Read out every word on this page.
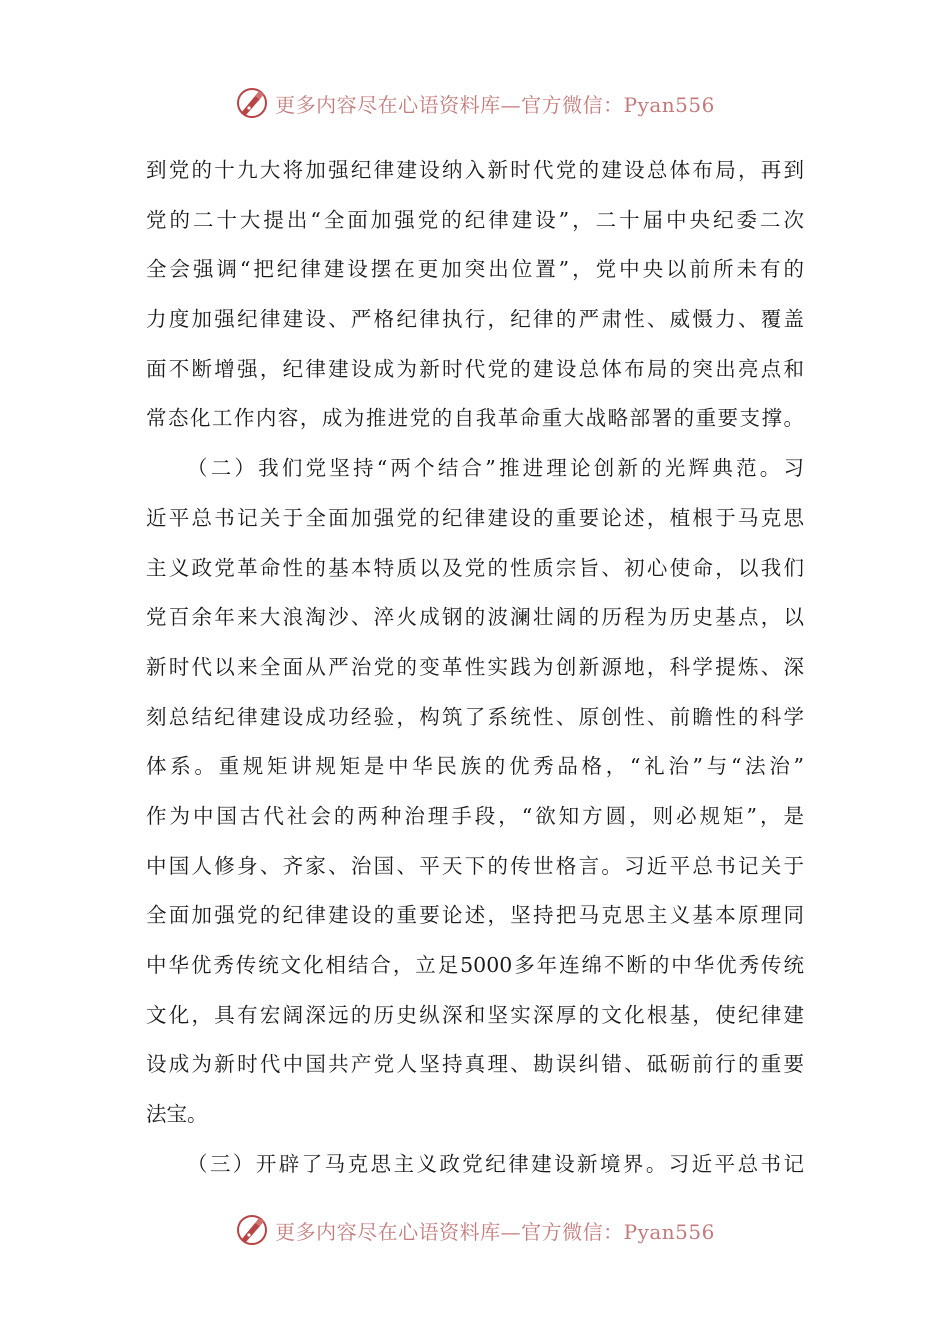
更多内容尽在心语资料库—官方微信：Pyan556
到党的十九大将加强纪律建设纳入新时代党的建设总体布局，再到
党的二十大提出“全面加强党的纪律建设”，二十届中央纪委二次
全会强调“把纪律建设摆在更加突出位置”，党中央以前所未有的
力度加强纪律建设、严格纪律执行，纪律的严肃性、威慑力、覆盖
面不断增强，纪律建设成为新时代党的建设总体布局的突出亮点和
常态化工作内容，成为推进党的自我革命重大战略部署的重要支撑。
（二）我们党坚持“两个结合”推进理论创新的光辉典范。习
近平总书记关于全面加强党的纪律建设的重要论述，植根于马克思
主义政党革命性的基本特质以及党的性质宗旨、初心使命，以我们
党百余年来大浪淘沙、淬火成钢的波澜壮阔的历程为历史基点，以
新时代以来全面从严治党的变革性实践为创新源地，科学提炼、深
刻总结纪律建设成功经验，构筑了系统性、原创性、前瞻性的科学
体系。重规矩讲规矩是中华民族的优秀品格，“礼治”与“法治”
作为中国古代社会的两种治理手段，“欲知方圆，则必规矩”，是
中国人修身、齐家、治国、平天下的传世格言。习近平总书记关于
全面加强党的纪律建设的重要论述，坚持把马克思主义基本原理同
中华优秀传统文化相结合，立足5000多年连绵不断的中华优秀传统
文化，具有宏阔深远的历史纵深和坚实深厚的文化根基，使纪律建
设成为新时代中国共产党人坚持真理、勘误纠错、砥砺前行的重要
法宝。
（三）开辟了马克思主义政党纪律建设新境界。习近平总书记
更多内容尽在心语资料库—官方微信：Pyan556
